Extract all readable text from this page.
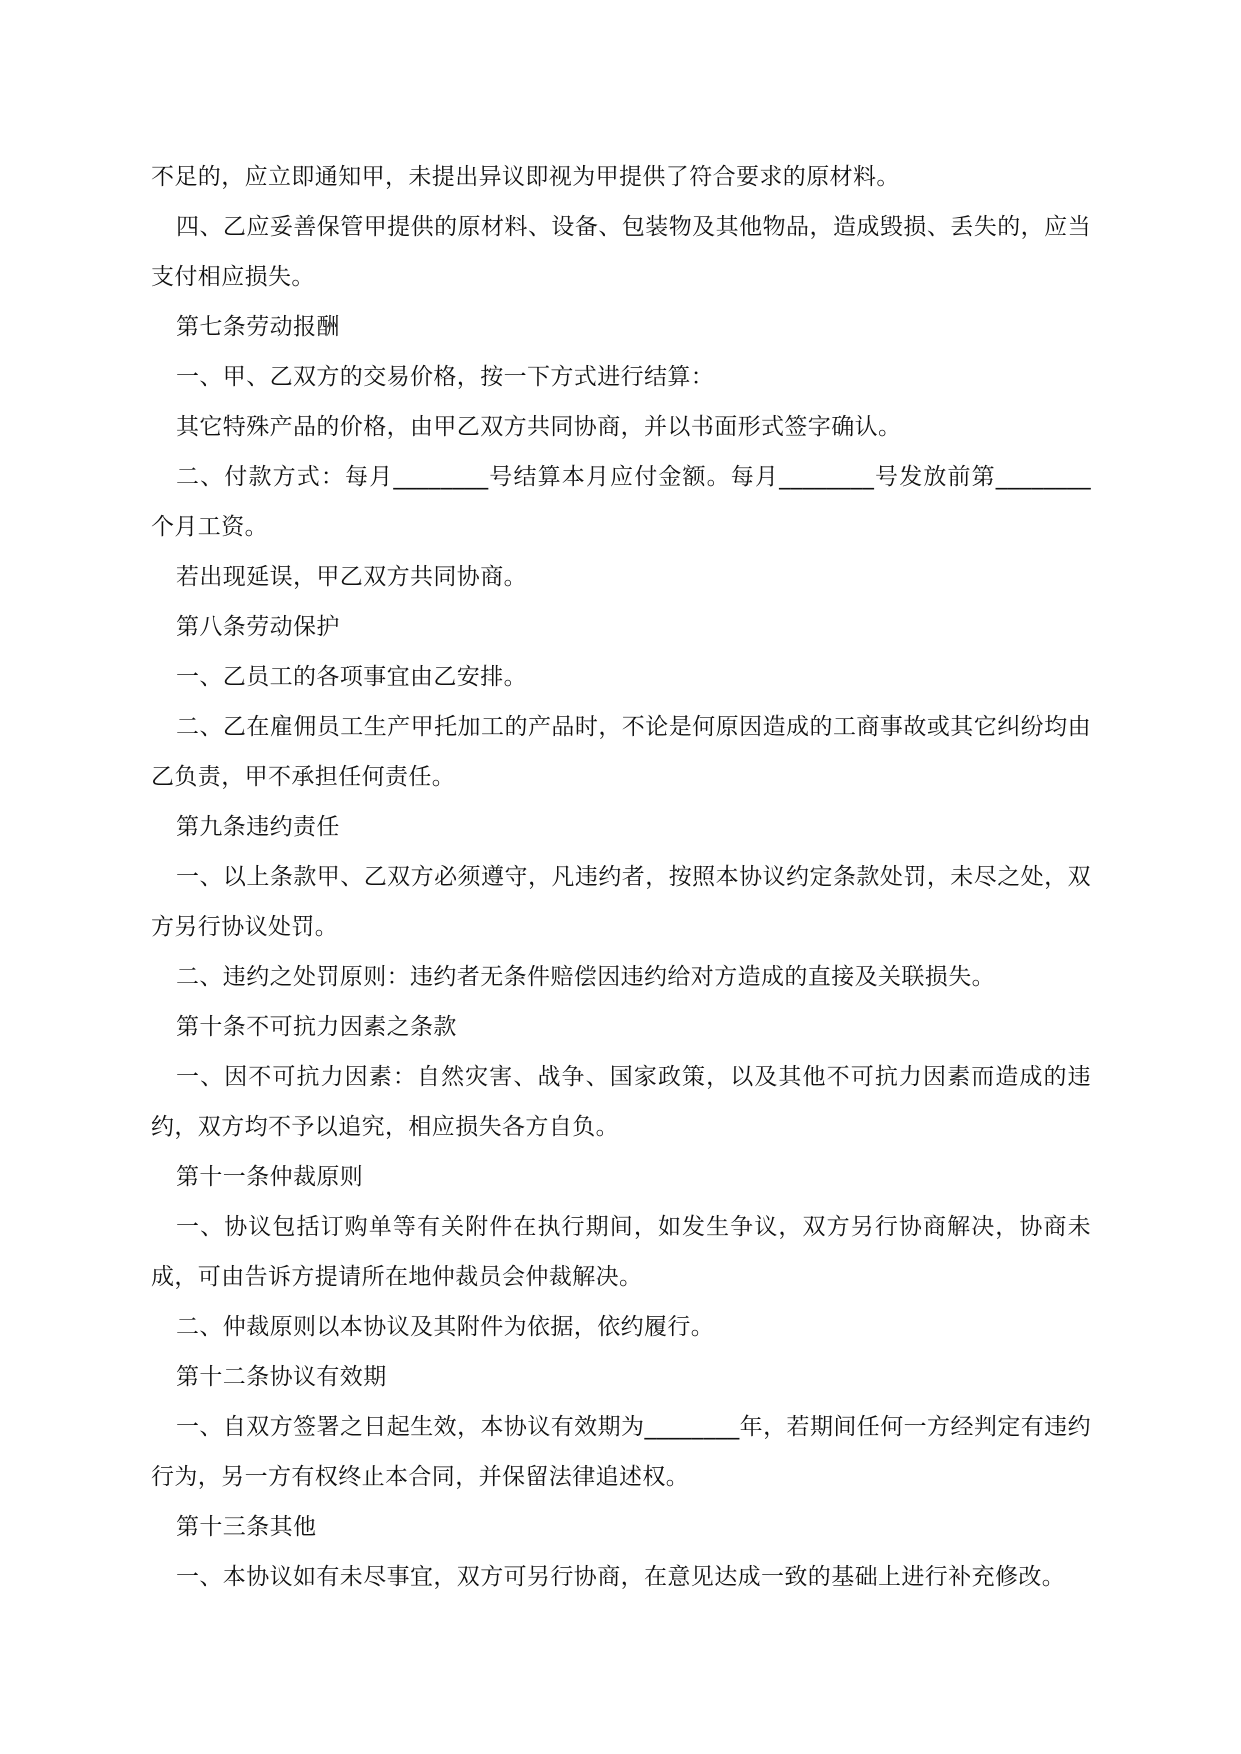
不足的，应立即通知甲，未提出异议即视为甲提供了符合要求的原材料。

四、乙应妥善保管甲提供的原材料、设备、包装物及其他物品，造成毁损、丢失的，应当支付相应损失。

第七条劳动报酬

一、甲、乙双方的交易价格，按一下方式进行结算：

其它特殊产品的价格，由甲乙双方共同协商，并以书面形式签字确认。

二、付款方式：每月________号结算本月应付金额。每月________号发放前第________个月工资。

若出现延误，甲乙双方共同协商。

第八条劳动保护

一、乙员工的各项事宜由乙安排。

二、乙在雇佣员工生产甲托加工的产品时，不论是何原因造成的工商事故或其它纠纷均由乙负责，甲不承担任何责任。

第九条违约责任

一、以上条款甲、乙双方必须遵守，凡违约者，按照本协议约定条款处罚，未尽之处，双方另行协议处罚。

二、违约之处罚原则：违约者无条件赔偿因违约给对方造成的直接及关联损失。

第十条不可抗力因素之条款

一、因不可抗力因素：自然灾害、战争、国家政策，以及其他不可抗力因素而造成的违约，双方均不予以追究，相应损失各方自负。

第十一条仲裁原则

一、协议包括订购单等有关附件在执行期间，如发生争议，双方另行协商解决，协商未成，可由告诉方提请所在地仲裁员会仲裁解决。

二、仲裁原则以本协议及其附件为依据，依约履行。

第十二条协议有效期

一、自双方签署之日起生效，本协议有效期为________年，若期间任何一方经判定有违约行为，另一方有权终止本合同，并保留法律追述权。

第十三条其他

一、本协议如有未尽事宜，双方可另行协商，在意见达成一致的基础上进行补充修改。
